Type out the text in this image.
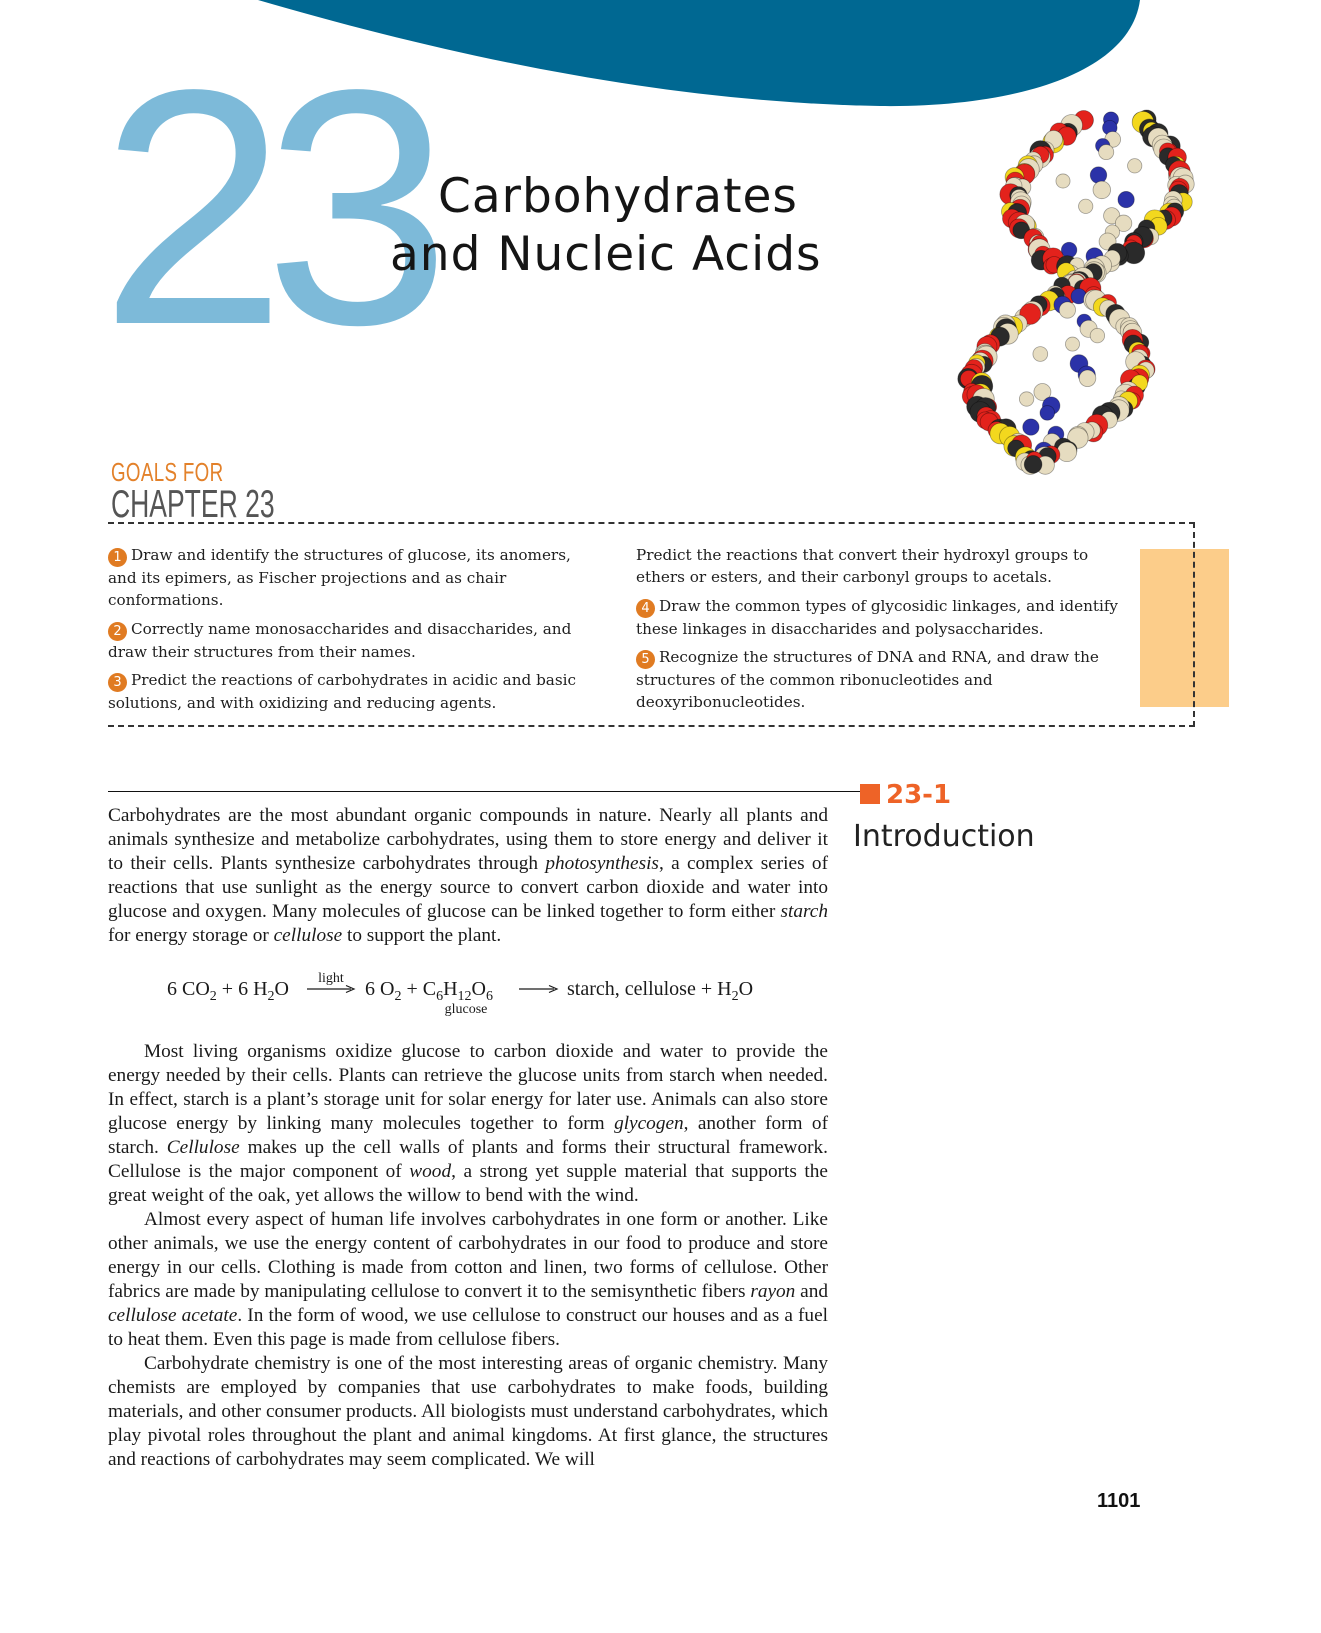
23 Carbohydrates
and Nucleic Acids
GOALS FOR
CHAPTER 23

1 Draw and identify the structures of glucose, its anomers, and its epimers, as Fischer projections and as chair conformations.

2 Correctly name monosaccharides and disaccharides, and draw their structures from their names.

3 Predict the reactions of carbohydrates in acidic and basic solutions, and with oxidizing and reducing agents.

Predict the reactions that convert their hydroxyl groups to ethers or esters, and their carbonyl groups to acetals.

4 Draw the common types of glycosidic linkages, and identify these linkages in disaccharides and polysaccharides.

5 Recognize the structures of DNA and RNA, and draw the structures of the common ribonucleotides and deoxyribonucleotides.

23-1
Introduction
Carbohydrates are the most abundant organic compounds in nature. Nearly all plants and animals synthesize and metabolize carbohydrates, using them to store energy and deliver it to their cells. Plants synthesize carbohydrates through photosynthesis, a complex series of reactions that use sunlight as the energy source to convert carbon dioxide and water into glucose and oxygen. Many molecules of glucose can be linked together to form either starch for energy storage or cellulose to support the plant.
6 $CO_2 + 6$ $H_2O$ light 6 $O_2 + C_6H_{12}O_6$
glucose
starch, cellulose + $H_2O$
Most living organisms oxidize glucose to carbon dioxide and water to provide the energy needed by their cells. Plants can retrieve the glucose units from starch when needed. In effect, starch is a plant’s storage unit for solar energy for later use. Animals can also store glucose energy by linking many molecules together to form glycogen, another form of starch. Cellulose makes up the cell walls of plants and forms their structural framework. Cellulose is the major component of wood, a strong yet supple material that supports the great weight of the oak, yet allows the willow to bend with the wind.
Almost every aspect of human life involves carbohydrates in one form or another. Like other animals, we use the energy content of carbohydrates in our food to produce and store energy in our cells. Clothing is made from cotton and linen, two forms of cellulose. Other fabrics are made by manipulating cellulose to convert it to the semisynthetic fibers rayon and cellulose acetate. In the form of wood, we use cellulose to construct our houses and as a fuel to heat them. Even this page is made from cellulose fibers.
Carbohydrate chemistry is one of the most interesting areas of organic chemistry. Many chemists are employed by companies that use carbohydrates to make foods, building materials, and other consumer products. All biologists must understand carbohydrates, which play pivotal roles throughout the plant and animal kingdoms. At first glance, the structures and reactions of carbohydrates may seem complicated. We will
1101
